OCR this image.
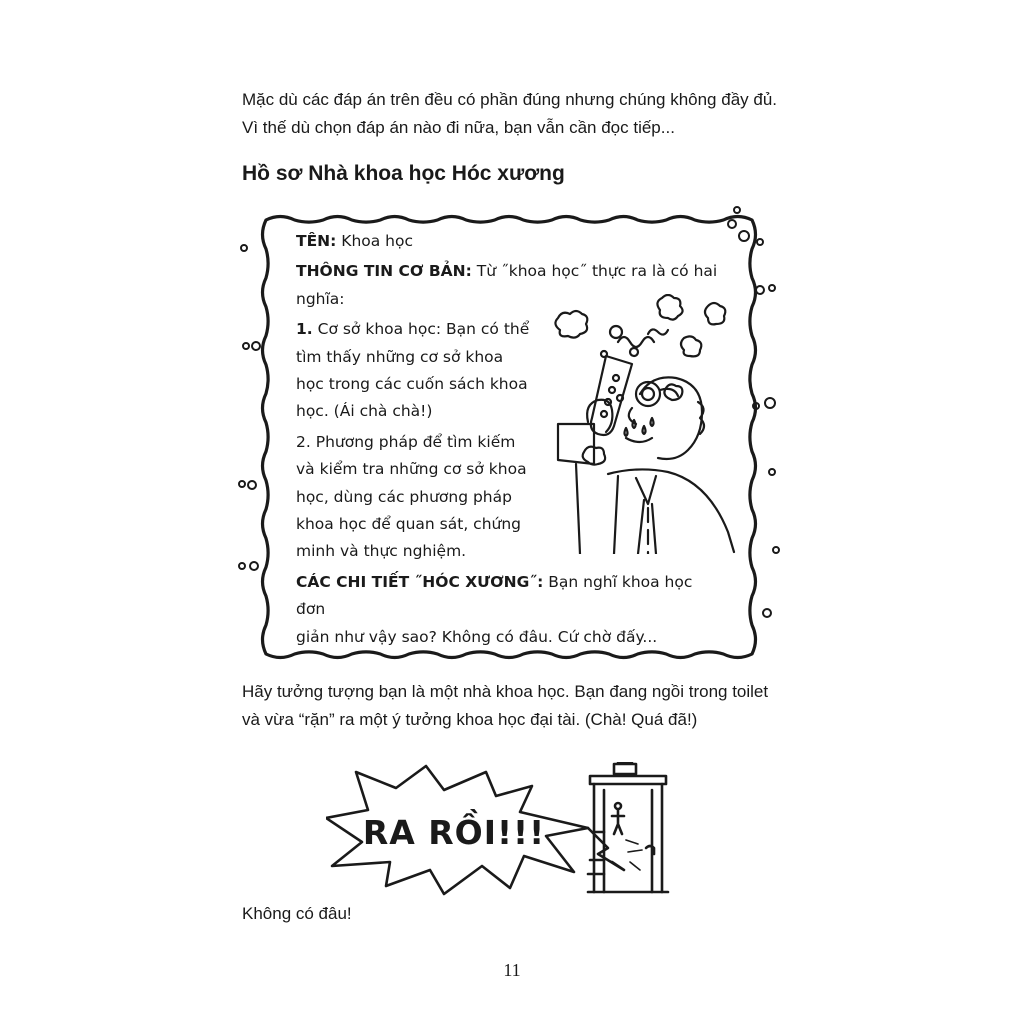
Mặc dù các đáp án trên đều có phần đúng nhưng chúng không đầy đủ.
Vì thế dù chọn đáp án nào đi nữa, bạn vẫn cần đọc tiếp...

Hồ sơ Nhà khoa học Hóc xương

TÊN: Khoa học

THÔNG TIN CƠ BẢN: Từ ˝khoa học˝ thực ra là có hai

nghĩa:

1. Cơ sở khoa học: Bạn có thể

tìm thấy những cơ sở khoa

học trong các cuốn sách khoa

học. (Ái chà chà!)

2. Phương pháp để tìm kiếm

và kiểm tra những cơ sở khoa

học, dùng các phương pháp

khoa học để quan sát, chứng

minh và thực nghiệm.

CÁC CHI TIẾT ˝HÓC XƯƠNG˝: Bạn nghĩ khoa học đơn

giản như vậy sao? Không có đâu. Cứ chờ đấy...

Hãy tưởng tượng bạn là một nhà khoa học. Bạn đang ngồi trong toilet
và vừa “rặn” ra một ý tưởng khoa học đại tài. (Chà! Quá đã!)

RA RỒI!!!

Không có đâu!

11
